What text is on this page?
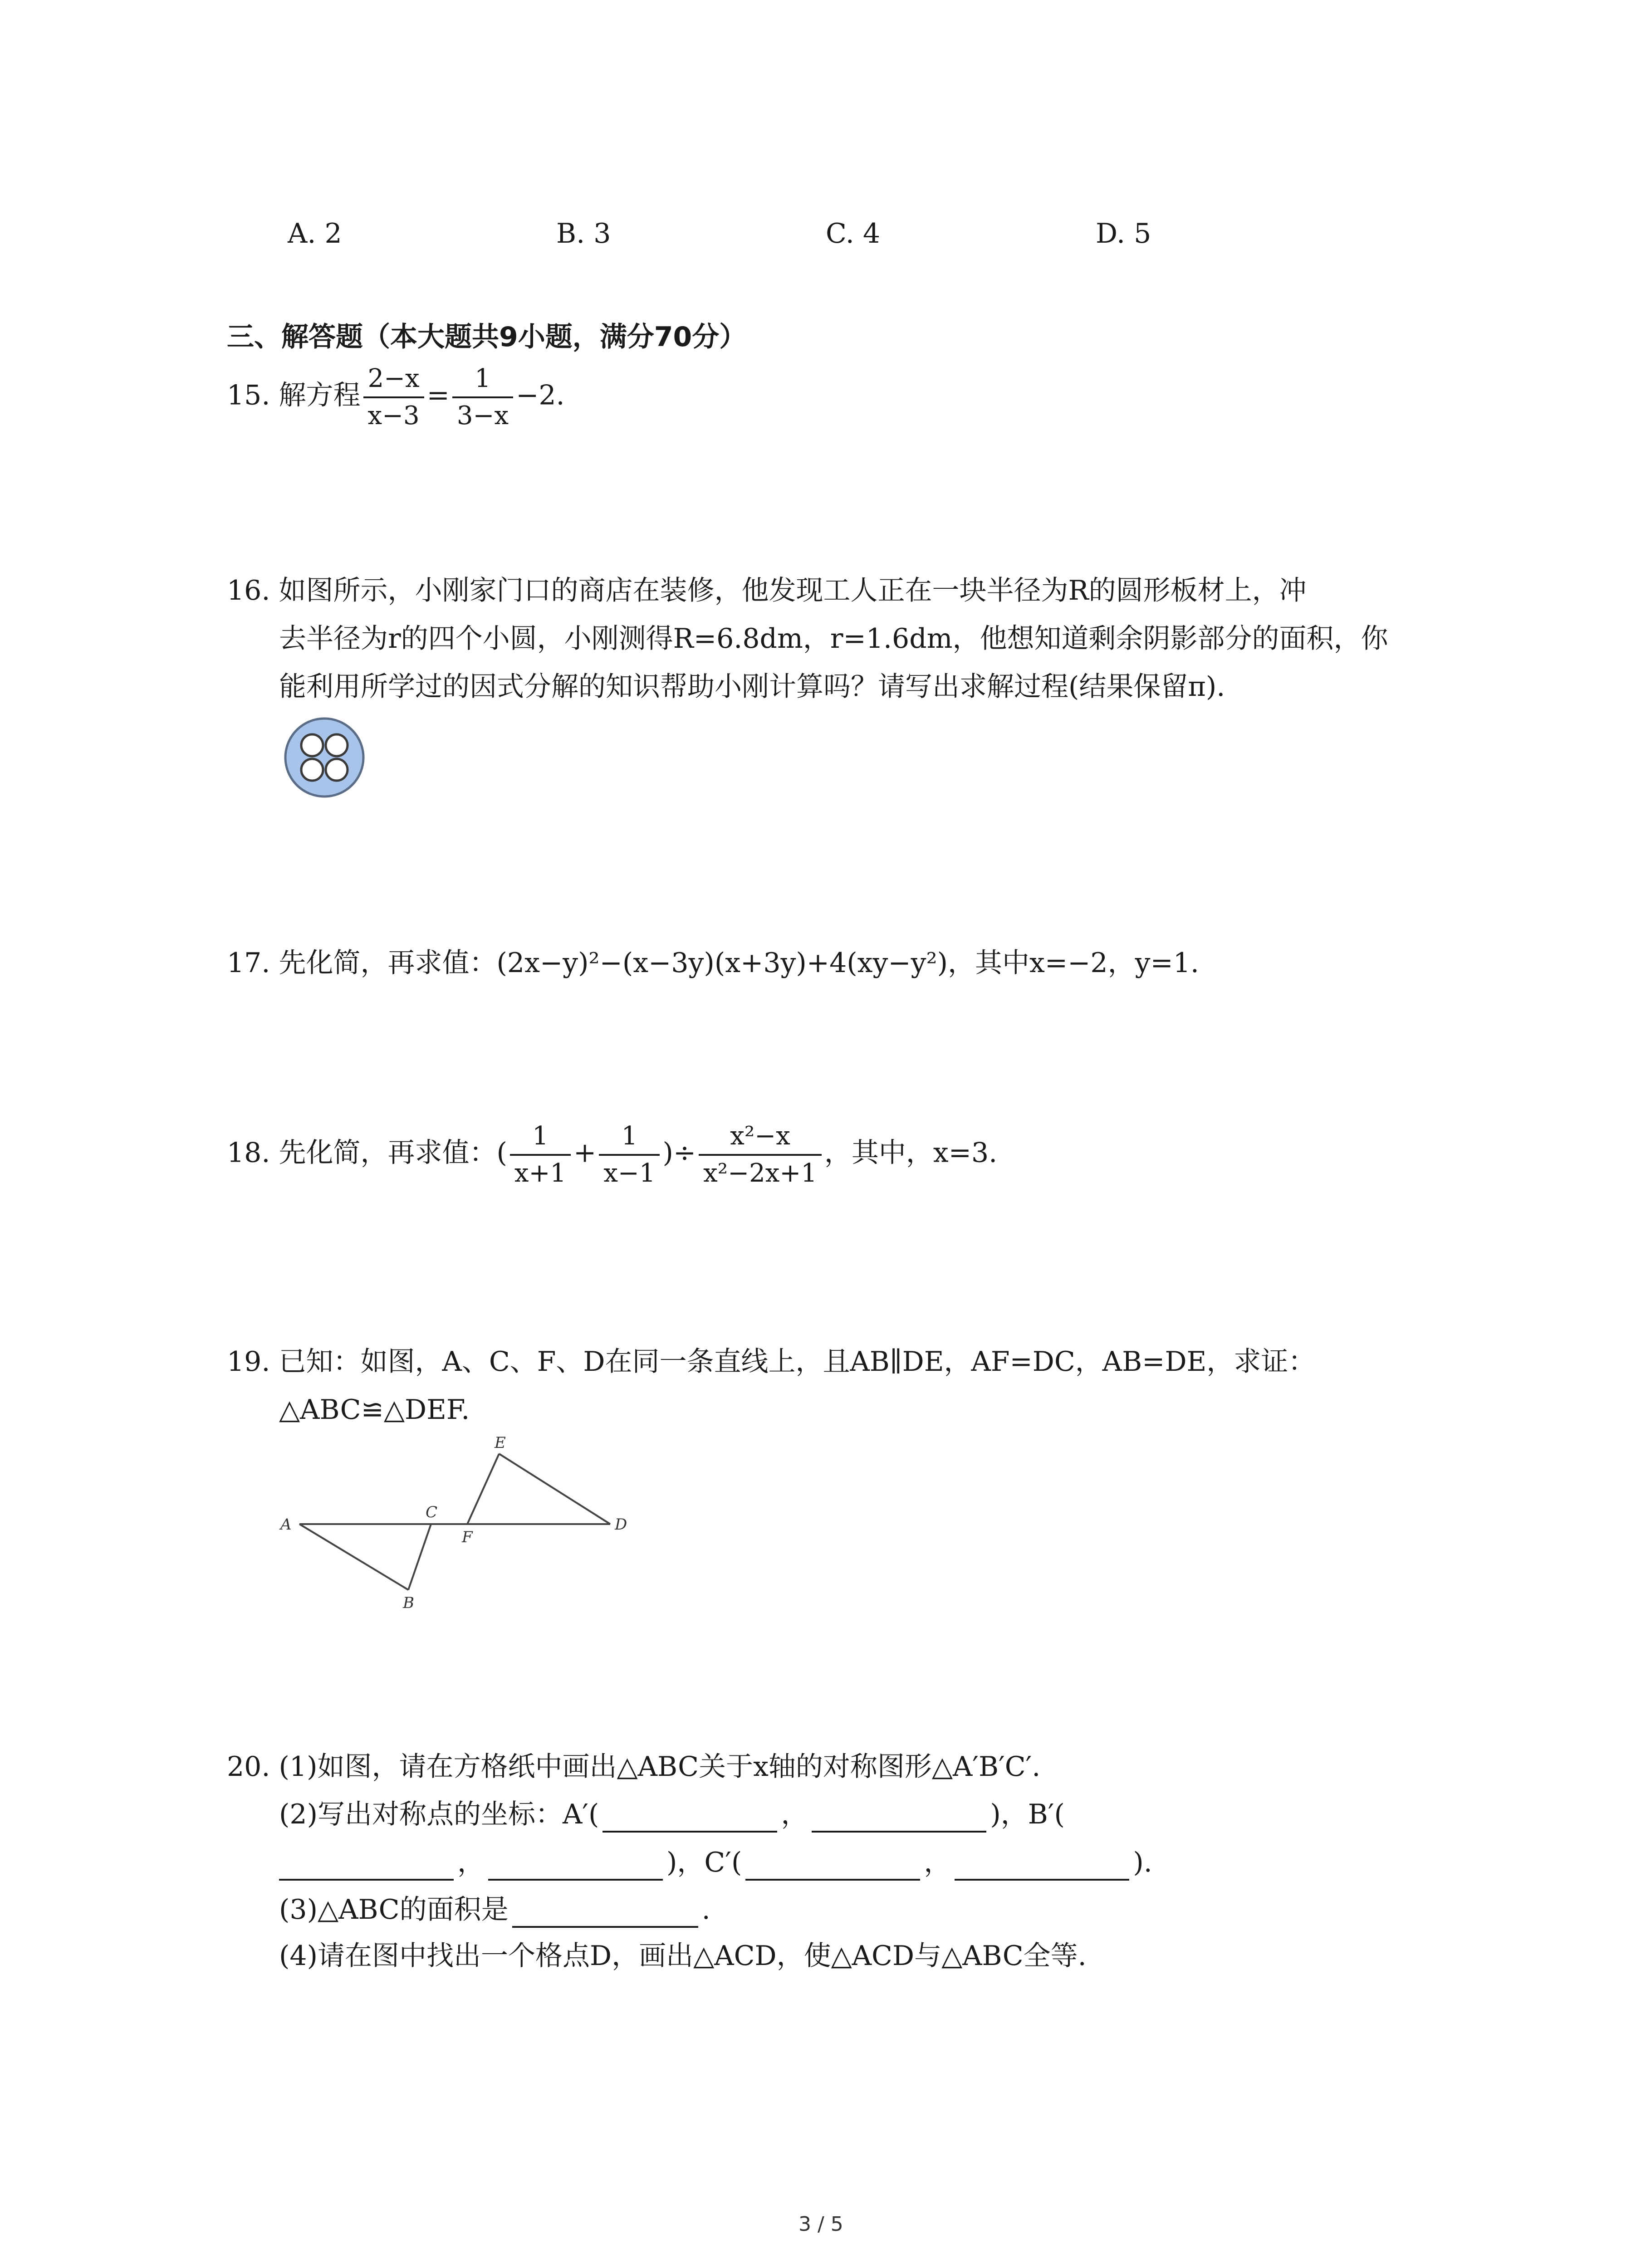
A. 2	B. 3	C. 4	D. 5
三、解答题（本大题共9小题，满分70分）
15. 解方程 $\frac{2-x}{x-3} = \frac{1}{3-x} -2$.
16. 如图所示，小刚家门口的商店在装修，他发现工人正在一块半径为R的圆形板材上，冲
去半径为r的四个小圆，小刚测得R=6.8dm，r=1.6dm，他想知道剩余阴影部分的面积，你
能利用所学过的因式分解的知识帮助小刚计算吗？请写出求解过程(结果保留π).
17. 先化简，再求值：(2x−y)²−(x−3y)(x+3y)+4(xy−y²)，其中x=−2，y=1.
18. 先化简，再求值：( $\frac{1}{x+1} + \frac{1}{x-1}$ )÷ $\frac{\text{x²−x}}{\text{x²−2x+1}}$ ，其中，x=3.
19. 已知：如图，A、C、F、D在同一条直线上，且AB∥DE，AF=DC，AB=DE，求证：
△ABC≌△DEF.
A
B
C
F
E
D
20. (1)如图，请在方格纸中画出△ABC关于x轴的对称图形△A′B′C′.
(2)写出对称点的坐标：A′(	，	)，B′(
，	)，C′(	，	).
(3)△ABC的面积是	.
(4)请在图中找出一个格点D，画出△ACD，使△ACD与△ABC全等.
3 / 5
